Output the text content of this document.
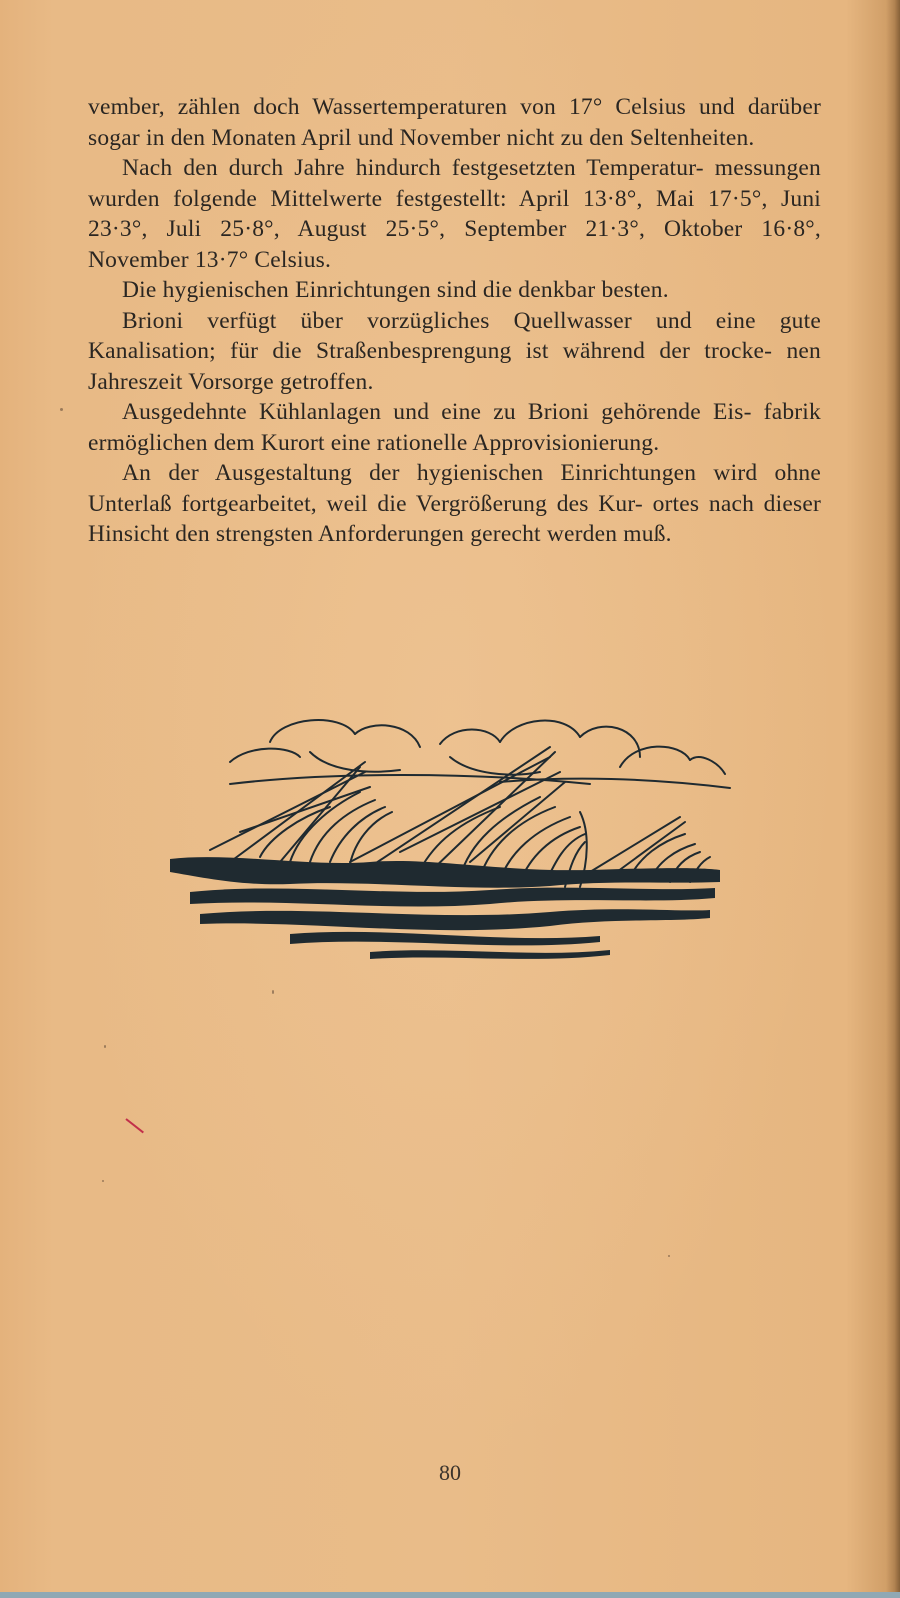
vember, zählen doch Wassertemperaturen von 17° Celsius und darüber sogar in den Monaten April und November nicht zu den Seltenheiten.

Nach den durch Jahre hindurch festgesetzten Temperatur- messungen wurden folgende Mittelwerte festgestellt: April 13·8°, Mai 17·5°, Juni 23·3°, Juli 25·8°, August 25·5°, September 21·3°, Oktober 16·8°, November 13·7° Celsius.

Die hygienischen Einrichtungen sind die denkbar besten.

Brioni verfügt über vorzügliches Quellwasser und eine gute Kanalisation; für die Straßenbesprengung ist während der trocke- nen Jahreszeit Vorsorge getroffen.

Ausgedehnte Kühlanlagen und eine zu Brioni gehörende Eis- fabrik ermöglichen dem Kurort eine rationelle Approvisionierung.

An der Ausgestaltung der hygienischen Einrichtungen wird ohne Unterlaß fortgearbeitet, weil die Vergrößerung des Kur- ortes nach dieser Hinsicht den strengsten Anforderungen gerecht werden muß.

80
